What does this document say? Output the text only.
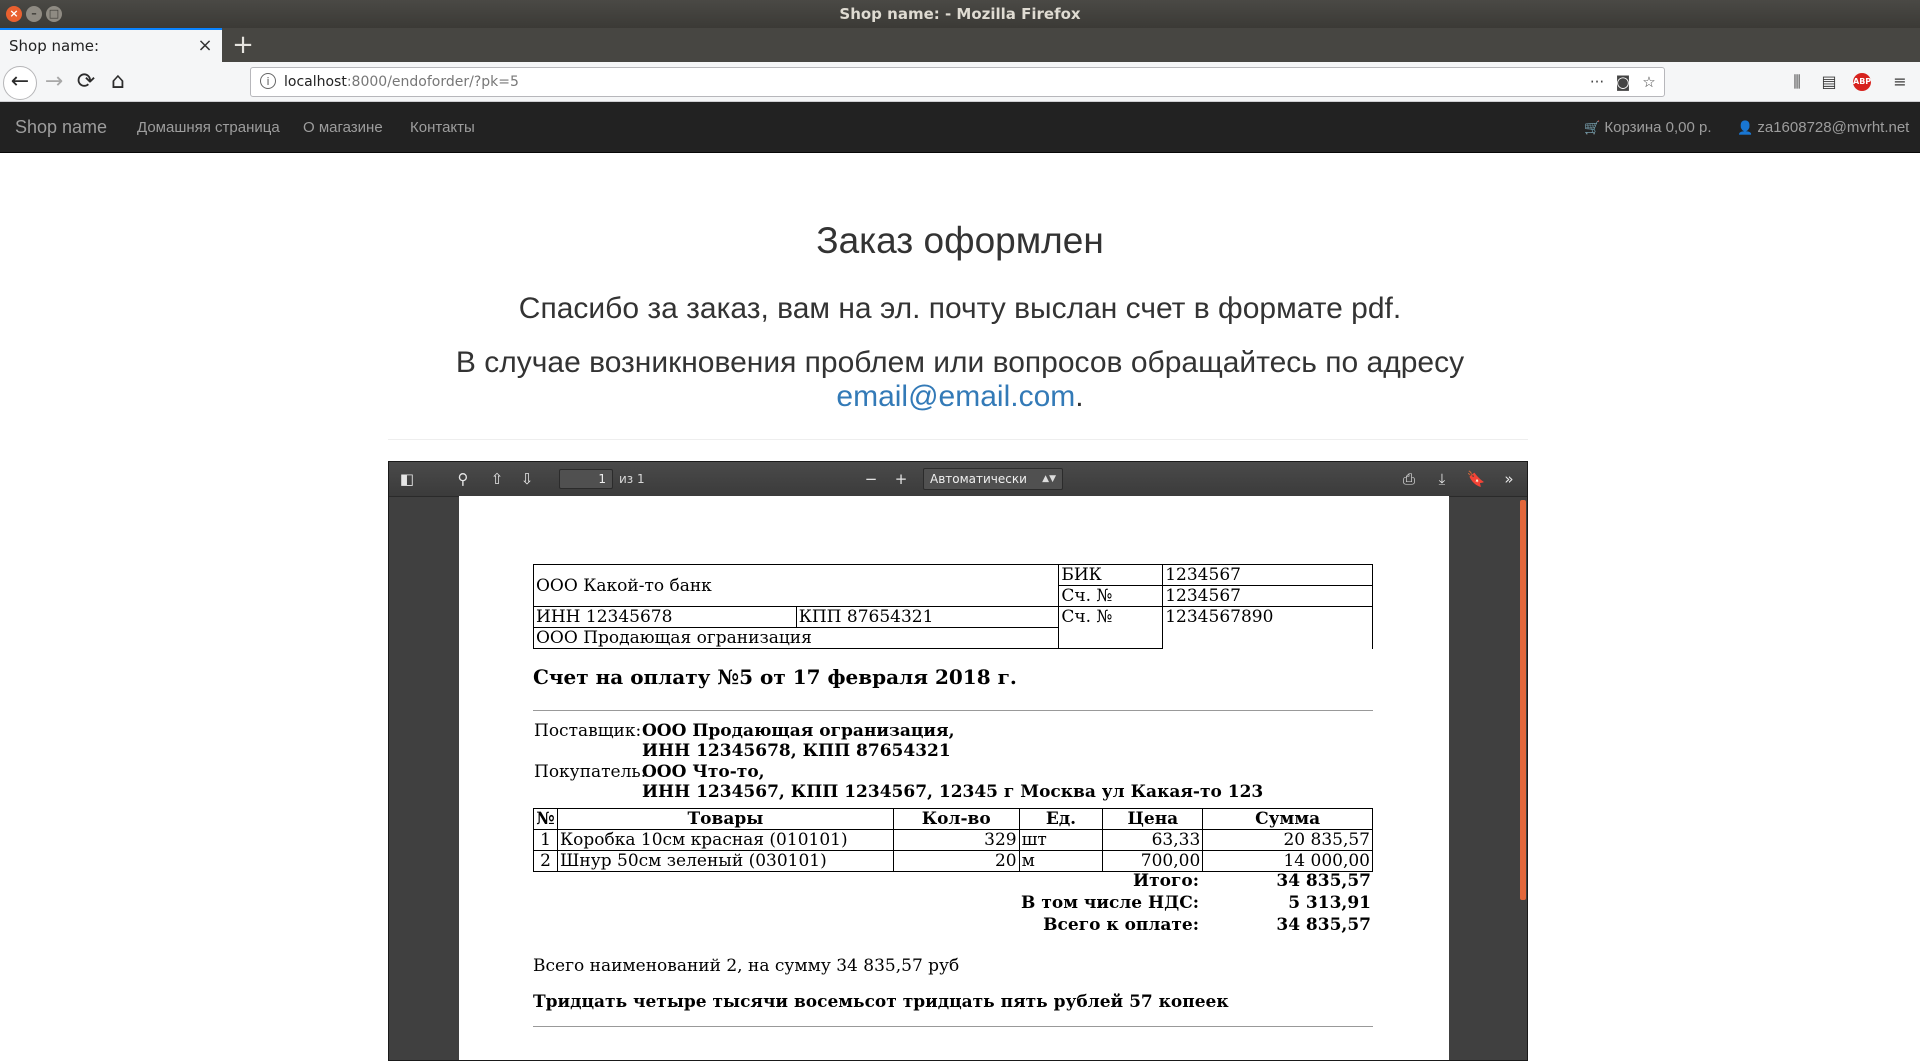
×	–	□	Shop name: - Mozilla Firefox
Shop name:	× +
← → ⟳ ⌂	i	localhost:8000/endoforder/?pk=5	··· ◙ ☆	⫼	▤	ABP	≡
Shop name Домашняя страница О магазине Контакты	🛒 Корзина 0,00 р. 👤 za1608728@mvrht.net
Заказ оформлен
Спасибо за заказ, вам на эл. почту выслан счет в формате pdf.
В случае возникновения проблем или вопросов обращайтесь по адресу
email@email.com.
◧	⚲	⇧	⇩	1	из 1	−	+	Автоматически ▲▼	⎙	⤓	🔖	»
ООО Какой-то банк		БИК	1234567
		Сч. №	1234567
ИНН 12345678	КПП 87654321	Сч. №	1234567890
ООО Продающая огранизация			
Счет на оплату №5 от 17 февраля 2018 г.
Поставщик: ООО Продающая огранизация,
ИНН 12345678, КПП 87654321
Покупатель:
ООО Что-то,
ИНН 1234567, КПП 1234567, 12345 г Москва ул Какая-то 123
№	Товары	Кол-во	Ед.	Цена	Сумма
1	Коробка 10см красная (010101)	329	шт	63,33	20 835,57
2	Шнур 50см зеленый (030101)	20	м	700,00	14 000,00
Итого:	34 835,57
В том числе НДС:	5 313,91
Всего к оплате:	34 835,57
Всего наименований 2, на сумму 34 835,57 руб
Тридцать четыре тысячи восемьсот тридцать пять рублей 57 копеек
